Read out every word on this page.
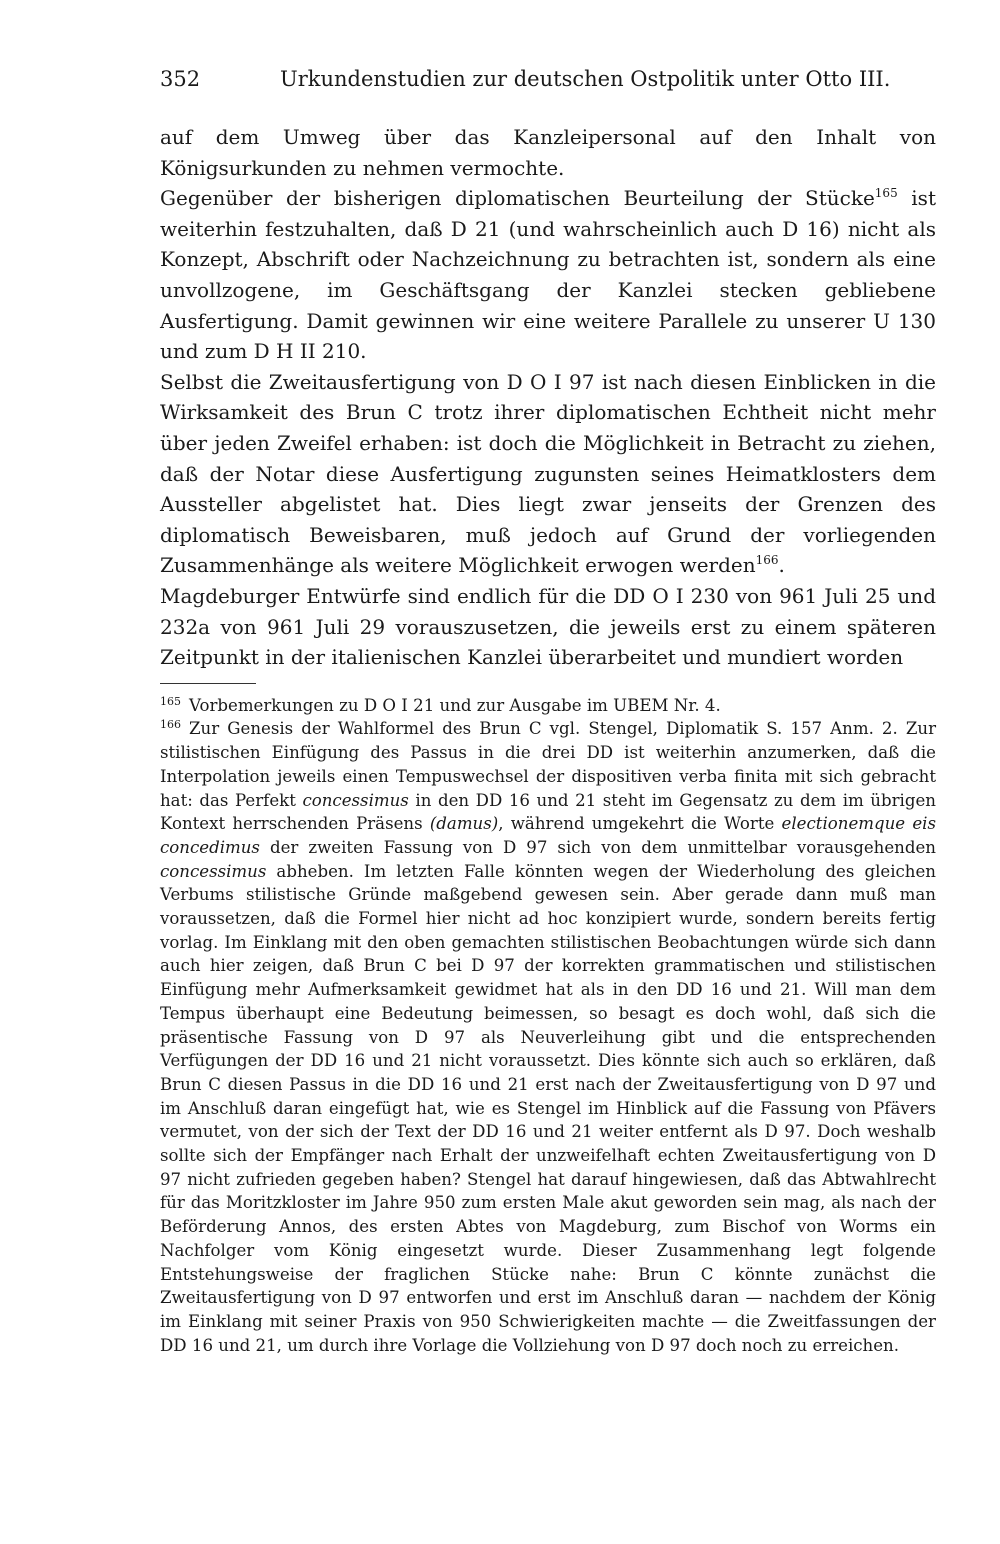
352	Urkundenstudien zur deutschen Ostpolitik unter Otto III.

auf dem Umweg über das Kanzleipersonal auf den Inhalt von Königsurkunden zu nehmen vermochte.

Gegenüber der bisherigen diplomatischen Beurteilung der Stücke$^{165}$ ist weiterhin festzuhalten, daß D 21 (und wahrscheinlich auch D 16) nicht als Konzept, Abschrift oder Nachzeichnung zu betrachten ist, sondern als eine unvollzogene, im Geschäftsgang der Kanzlei stecken gebliebene Ausfertigung. Damit gewinnen wir eine weitere Parallele zu unserer U 130 und zum D H II 210.

Selbst die Zweitausfertigung von D O I 97 ist nach diesen Einblicken in die Wirksamkeit des Brun C trotz ihrer diplomatischen Echtheit nicht mehr über jeden Zweifel erhaben: ist doch die Möglichkeit in Betracht zu ziehen, daß der Notar diese Ausfertigung zugunsten seines Heimatklosters dem Aussteller abgelistet hat. Dies liegt zwar jenseits der Grenzen des diplomatisch Beweisbaren, muß jedoch auf Grund der vorliegenden Zusammenhänge als weitere Möglichkeit erwogen werden$^{166}$.

Magdeburger Entwürfe sind endlich für die DD O I 230 von 961 Juli 25 und 232a von 961 Juli 29 vorauszusetzen, die jeweils erst zu einem späteren Zeitpunkt in der italienischen Kanzlei überarbeitet und mundiert worden

$^{165}$ Vorbemerkungen zu D O I 21 und zur Ausgabe im UBEM Nr. 4.

$^{166}$ Zur Genesis der Wahlformel des Brun C vgl. Stengel, Diplomatik S. 157 Anm. 2. Zur stilistischen Einfügung des Passus in die drei DD ist weiterhin anzumerken, daß die Interpolation jeweils einen Tempuswechsel der dispositiven verba finita mit sich gebracht hat: das Perfekt concessimus in den DD 16 und 21 steht im Gegensatz zu dem im übrigen Kontext herrschenden Präsens (damus), während umgekehrt die Worte electionemque eis concedimus der zweiten Fassung von D 97 sich von dem unmittelbar vorausgehenden concessimus abheben. Im letzten Falle könnten wegen der Wiederholung des gleichen Verbums stilistische Gründe maßgebend gewesen sein. Aber gerade dann muß man voraussetzen, daß die Formel hier nicht ad hoc konzipiert wurde, sondern bereits fertig vorlag. Im Einklang mit den oben gemachten stilistischen Beobachtungen würde sich dann auch hier zeigen, daß Brun C bei D 97 der korrekten grammatischen und stilistischen Einfügung mehr Aufmerksamkeit gewidmet hat als in den DD 16 und 21. Will man dem Tempus überhaupt eine Bedeutung beimessen, so besagt es doch wohl, daß sich die präsentische Fassung von D 97 als Neuverleihung gibt und die entsprechenden Verfügungen der DD 16 und 21 nicht voraussetzt. Dies könnte sich auch so erklären, daß Brun C diesen Passus in die DD 16 und 21 erst nach der Zweitausfertigung von D 97 und im Anschluß daran eingefügt hat, wie es Stengel im Hinblick auf die Fassung von Pfävers vermutet, von der sich der Text der DD 16 und 21 weiter entfernt als D 97. Doch weshalb sollte sich der Empfänger nach Erhalt der unzweifelhaft echten Zweitausfertigung von D 97 nicht zufrieden gegeben haben? Stengel hat darauf hingewiesen, daß das Abtwahlrecht für das Moritzkloster im Jahre 950 zum ersten Male akut geworden sein mag, als nach der Beförderung Annos, des ersten Abtes von Magdeburg, zum Bischof von Worms ein Nachfolger vom König eingesetzt wurde. Dieser Zusammenhang legt folgende Entstehungsweise der fraglichen Stücke nahe: Brun C könnte zunächst die Zweitausfertigung von D 97 entworfen und erst im Anschluß daran — nachdem der König im Einklang mit seiner Praxis von 950 Schwierigkeiten machte — die Zweitfassungen der DD 16 und 21, um durch ihre Vorlage die Vollziehung von D 97 doch noch zu erreichen.
